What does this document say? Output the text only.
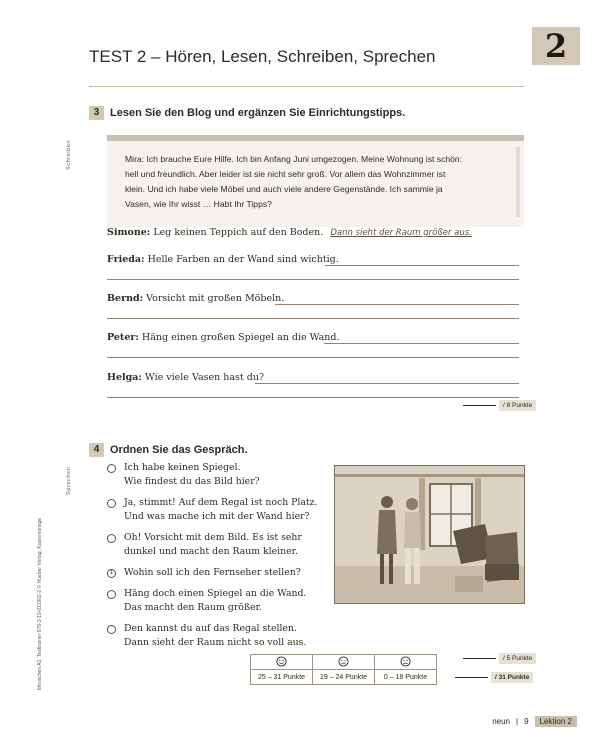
TEST 2 – Hören, Lesen, Schreiben, Sprechen	2
Schreiben
Sprechen
Menschen A2, Testtrainer 978-3-19-011902-2 © Hueber Verlag, Kopiervorlage
3 Lesen Sie den Blog und ergänzen Sie Einrichtungstipps.
Mira: Ich brauche Eure Hilfe. Ich bin Anfang Juni umgezogen. Meine Wohnung ist schön:
hell und freundlich. Aber leider ist sie nicht sehr groß. Vor allem das Wohnzimmer ist
klein. Und ich habe viele Möbel und auch viele andere Gegenstände. Ich sammle ja
Vasen, wie Ihr wisst … Habt Ihr Tipps?
Simone: Leg keinen Teppich auf den Boden. Dann sieht der Raum größer aus.
Frieda: Helle Farben an der Wand sind wichtig.
Bernd: Vorsicht mit großen Möbeln.
Peter: Häng einen großen Spiegel an die Wand.
Helga: Wie viele Vasen hast du?
/ 8 Punkte
4 Ordnen Sie das Gespräch.
Ich habe keinen Spiegel.
Wie findest du das Bild hier?
Ja, stimmt! Auf dem Regal ist noch Platz.
Und was mache ich mit der Wand hier?
Oh! Vorsicht mit dem Bild. Es ist sehr
dunkel und macht den Raum kleiner.
1	Wohin soll ich den Fernseher stellen?
Häng doch einen Spiegel an die Wand.
Das macht den Raum größer.
Den kannst du auf das Regal stellen.
Dann sieht der Raum nicht so voll aus.

25 – 31 Punkte	19 – 24 Punkte	0 – 18 Punkte
/ 5 Punkte
/ 31 Punkte
neun | 9	Lektion 2
